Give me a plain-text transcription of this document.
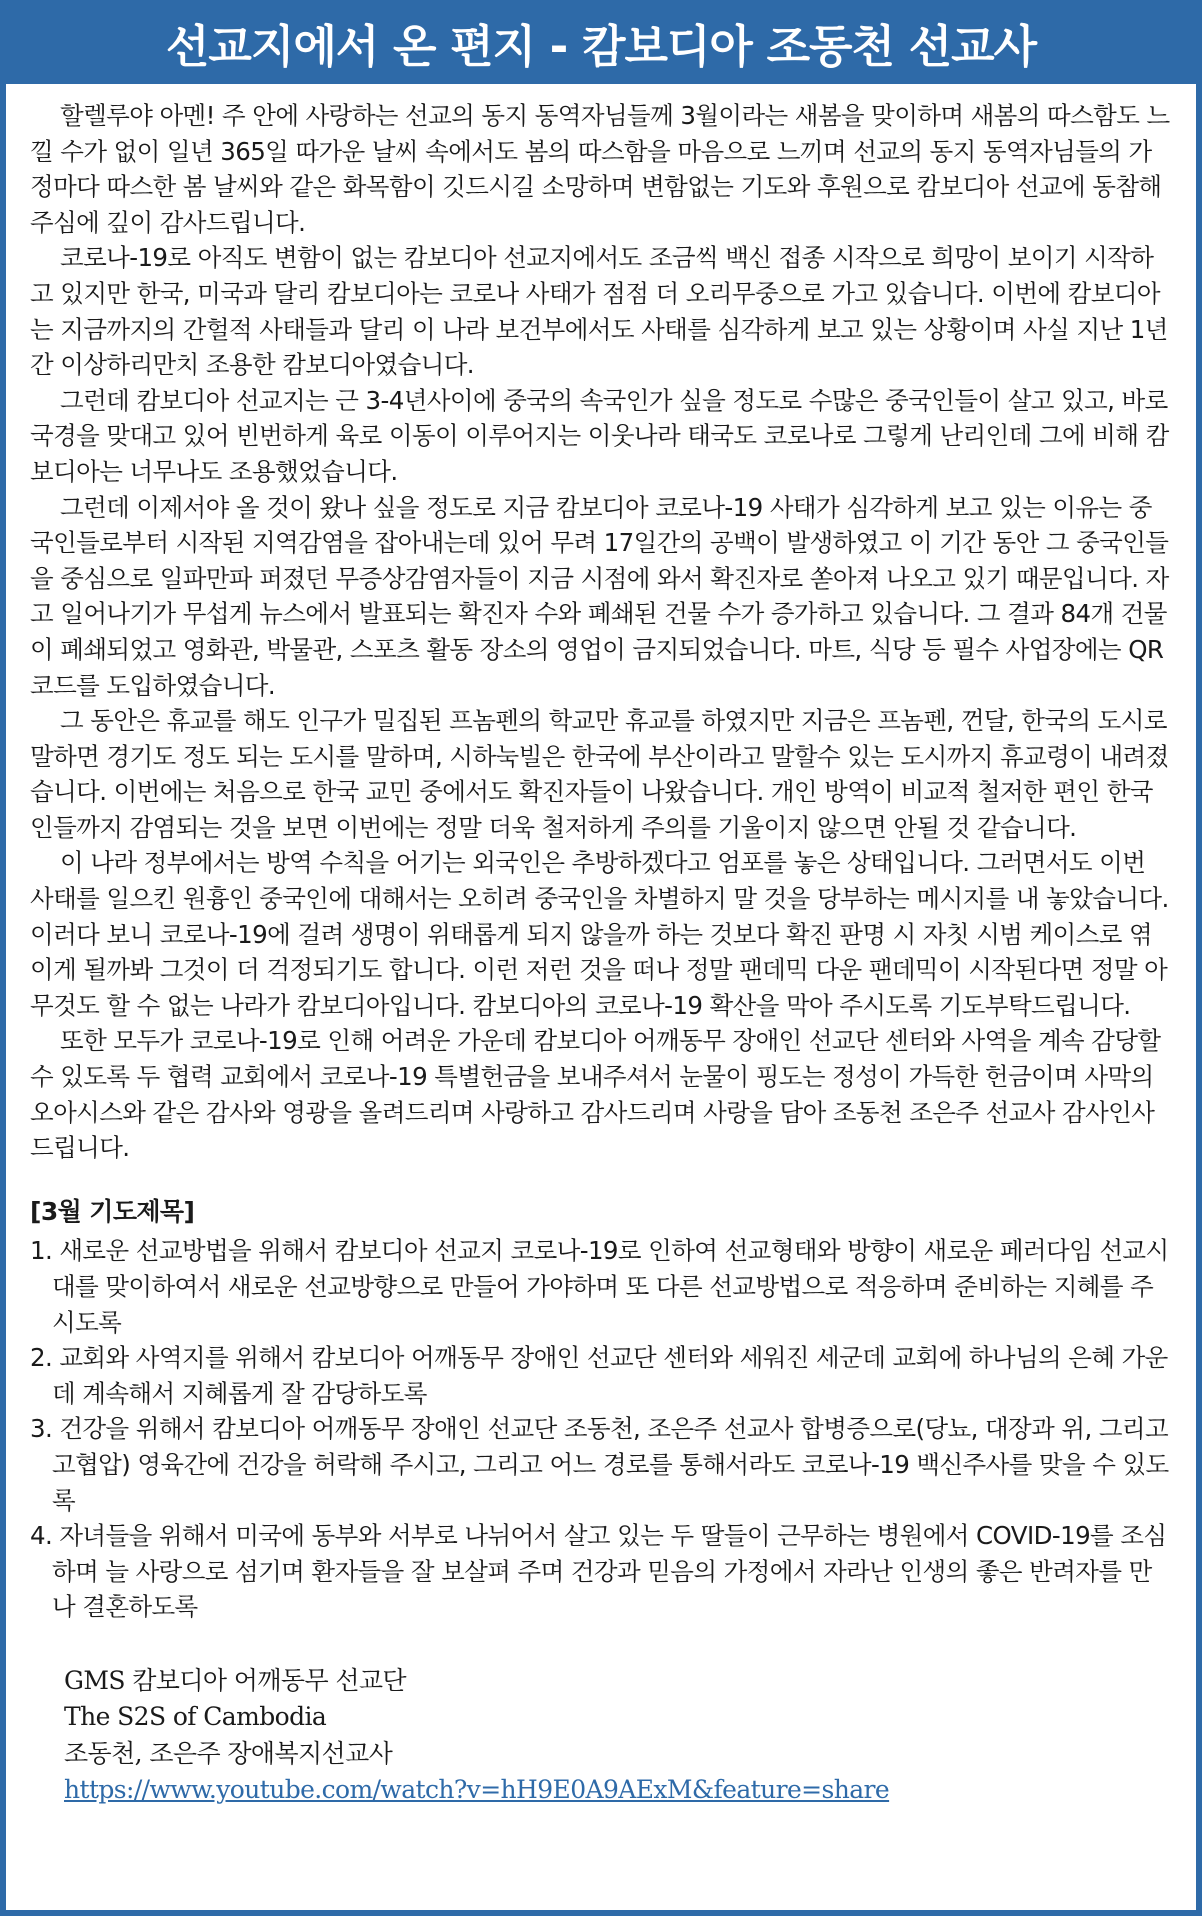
선교지에서 온 편지 - 캄보디아 조동천 선교사

할렐루야 아멘! 주 안에 사랑하는 선교의 동지 동역자님들께 3월이라는 새봄을 맞이하며 새봄의 따스함도 느낄 수가 없이 일년 365일 따가운 날씨 속에서도 봄의 따스함을 마음으로 느끼며 선교의 동지 동역자님들의 가정마다 따스한 봄 날씨와 같은 화목함이 깃드시길 소망하며 변함없는 기도와 후원으로 캄보디아 선교에 동참해주심에 깊이 감사드립니다.

코로나-19로 아직도 변함이 없는 캄보디아 선교지에서도 조금씩 백신 접종 시작으로 희망이 보이기 시작하고 있지만 한국, 미국과 달리 캄보디아는 코로나 사태가 점점 더 오리무중으로 가고 있습니다. 이번에 캄보디아는 지금까지의 간헐적 사태들과 달리 이 나라 보건부에서도 사태를 심각하게 보고 있는 상황이며 사실 지난 1년간 이상하리만치 조용한 캄보디아였습니다.

그런데 캄보디아 선교지는 근 3-4년사이에 중국의 속국인가 싶을 정도로 수많은 중국인들이 살고 있고, 바로 국경을 맞대고 있어 빈번하게 육로 이동이 이루어지는 이웃나라 태국도 코로나로 그렇게 난리인데 그에 비해 캄보디아는 너무나도 조용했었습니다.

그런데 이제서야 올 것이 왔나 싶을 정도로 지금 캄보디아 코로나-19 사태가 심각하게 보고 있는 이유는 중국인들로부터 시작된 지역감염을 잡아내는데 있어 무려 17일간의 공백이 발생하였고 이 기간 동안 그 중국인들을 중심으로 일파만파 퍼졌던 무증상감염자들이 지금 시점에 와서 확진자로 쏟아져 나오고 있기 때문입니다. 자고 일어나기가 무섭게 뉴스에서 발표되는 확진자 수와 폐쇄된 건물 수가 증가하고 있습니다. 그 결과 84개 건물이 폐쇄되었고 영화관, 박물관, 스포츠 활동 장소의 영업이 금지되었습니다. 마트, 식당 등 필수 사업장에는 QR코드를 도입하였습니다.

그 동안은 휴교를 해도 인구가 밀집된 프놈펜의 학교만 휴교를 하였지만 지금은 프놈펜, 껀달, 한국의 도시로 말하면 경기도 정도 되는 도시를 말하며, 시하눅빌은 한국에 부산이라고 말할수 있는 도시까지 휴교령이 내려졌습니다. 이번에는 처음으로 한국 교민 중에서도 확진자들이 나왔습니다. 개인 방역이 비교적 철저한 편인 한국인들까지 감염되는 것을 보면 이번에는 정말 더욱 철저하게 주의를 기울이지 않으면 안될 것 같습니다.

이 나라 정부에서는 방역 수칙을 어기는 외국인은 추방하겠다고 엄포를 놓은 상태입니다. 그러면서도 이번 사태를 일으킨 원흉인 중국인에 대해서는 오히려 중국인을 차별하지 말 것을 당부하는 메시지를 내 놓았습니다. 이러다 보니 코로나-19에 걸려 생명이 위태롭게 되지 않을까 하는 것보다 확진 판명 시 자칫 시범 케이스로 엮이게 될까봐 그것이 더 걱정되기도 합니다. 이런 저런 것을 떠나 정말 팬데믹 다운 팬데믹이 시작된다면 정말 아무것도 할 수 없는 나라가 캄보디아입니다. 캄보디아의 코로나-19 확산을 막아 주시도록 기도부탁드립니다.

또한 모두가 코로나-19로 인해 어려운 가운데 캄보디아 어깨동무 장애인 선교단 센터와 사역을 계속 감당할수 있도록 두 협력 교회에서 코로나-19 특별헌금을 보내주셔서 눈물이 핑도는 정성이 가득한 헌금이며 사막의 오아시스와 같은 감사와 영광을 올려드리며 사랑하고 감사드리며 사랑을 담아 조동천 조은주 선교사 감사인사드립니다.

[3월 기도제목]
1. 새로운 선교방법을 위해서 캄보디아 선교지 코로나-19로 인하여 선교형태와 방향이 새로운 페러다임 선교시대를 맞이하여서 새로운 선교방향으로 만들어 가야하며 또 다른 선교방법으로 적응하며 준비하는 지혜를 주시도록
2. 교회와 사역지를 위해서 캄보디아 어깨동무 장애인 선교단 센터와 세워진 세군데 교회에 하나님의 은혜 가운데 계속해서 지혜롭게 잘 감당하도록
3. 건강을 위해서 캄보디아 어깨동무 장애인 선교단 조동천, 조은주 선교사 합병증으로(당뇨, 대장과 위, 그리고 고협압) 영육간에 건강을 허락해 주시고, 그리고 어느 경로를 통해서라도 코로나-19 백신주사를 맞을 수 있도록
4. 자녀들을 위해서 미국에 동부와 서부로 나뉘어서 살고 있는 두 딸들이 근무하는 병원에서 COVID-19를 조심하며 늘 사랑으로 섬기며 환자들을 잘 보살펴 주며 건강과 믿음의 가정에서 자라난 인생의 좋은 반려자를 만나 결혼하도록
GMS 캄보디아 어깨동무 선교단
The S2S of Cambodia
조동천, 조은주 장애복지선교사
https://www.youtube.com/watch?v=hH9E0A9AExM&feature=share
